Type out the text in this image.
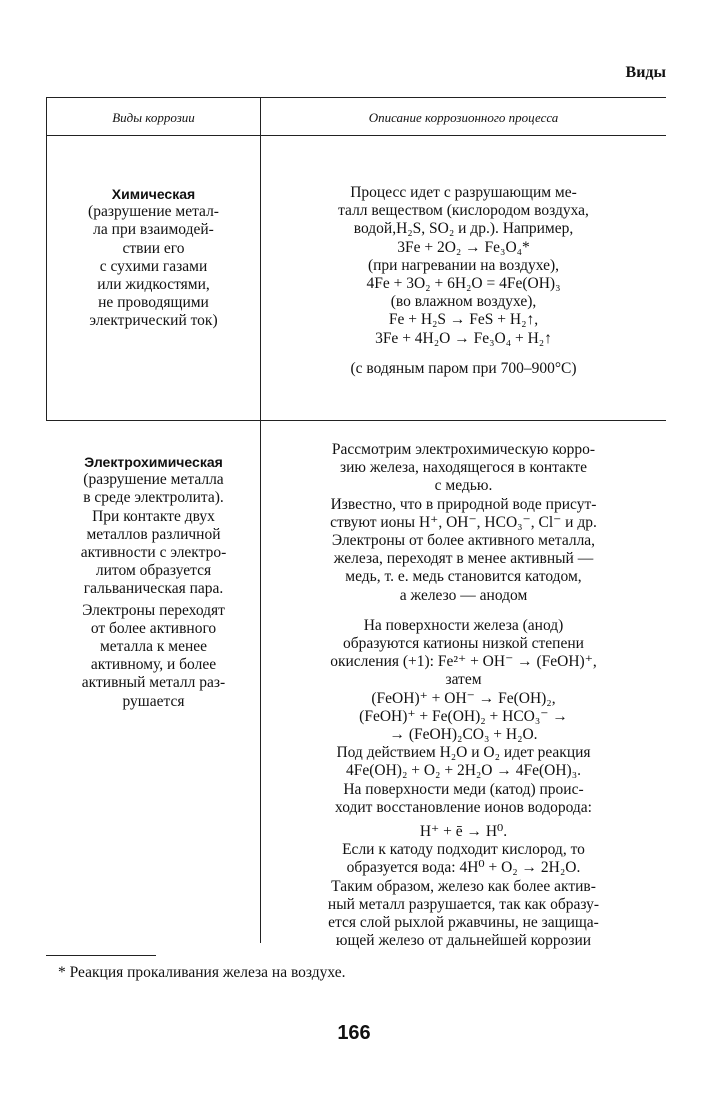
Виды
Виды коррозии	Описание коррозионного процесса
Химическая
(разрушение метал-
ла при взаимодей-
ствии его
с сухими газами
или жидкостями,
не проводящими
электрический ток)
Процесс идет с разрушающим ме-
талл веществом (кислородом воздуха,
водой,H₂S, SO₂ и др.). Например,
3Fe + 2O₂ → Fe₃O₄*
(при нагревании на воздухе),
4Fe + 3O₂ + 6H₂O = 4Fe(OH)₃
(во влажном воздухе),
Fe + H₂S → FeS + H₂↑,
3Fe + 4H₂O → Fe₃O₄ + H₂↑
(с водяным паром при 700–900°C)
Электрохимическая
(разрушение металла
в среде электролита).
При контакте двух
металлов различной
активности с электро-
литом образуется
гальваническая пара.
Электроны переходят
от более активного
металла к менее
активному, и более
активный металл раз-
рушается
Рассмотрим электрохимическую корро-
зию железа, находящегося в контакте
с медью.
Известно, что в природной воде присут-
ствуют ионы H⁺, OH⁻, HCO₃⁻, Cl⁻ и др.
Электроны от более активного металла,
железа, переходят в менее активный —
медь, т. е. медь становится катодом,
а железо — анодом
На поверхности железа (анод)
образуются катионы низкой степени
окисления (+1): Fe²⁺ + OH⁻ → (FeOH)⁺,
затем
(FeOH)⁺ + OH⁻ → Fe(OH)₂,
(FeOH)⁺ + Fe(OH)₂ + HCO₃⁻ →
→ (FeOH)₂CO₃ + H₂O.
Под действием H₂O и O₂ идет реакция
4Fe(OH)₂ + O₂ + 2H₂O → 4Fe(OH)₃.
На поверхности меди (катод) проис-
ходит восстановление ионов водорода:
H⁺ + ē → H⁰.
Если к катоду подходит кислород, то
образуется вода: 4H⁰ + O₂ → 2H₂O.
Таким образом, железо как более актив-
ный металл разрушается, так как образу-
ется слой рыхлой ржавчины, не защища-
ющей железо от дальнейшей коррозии
* Реакция прокаливания железа на воздухе.
166
